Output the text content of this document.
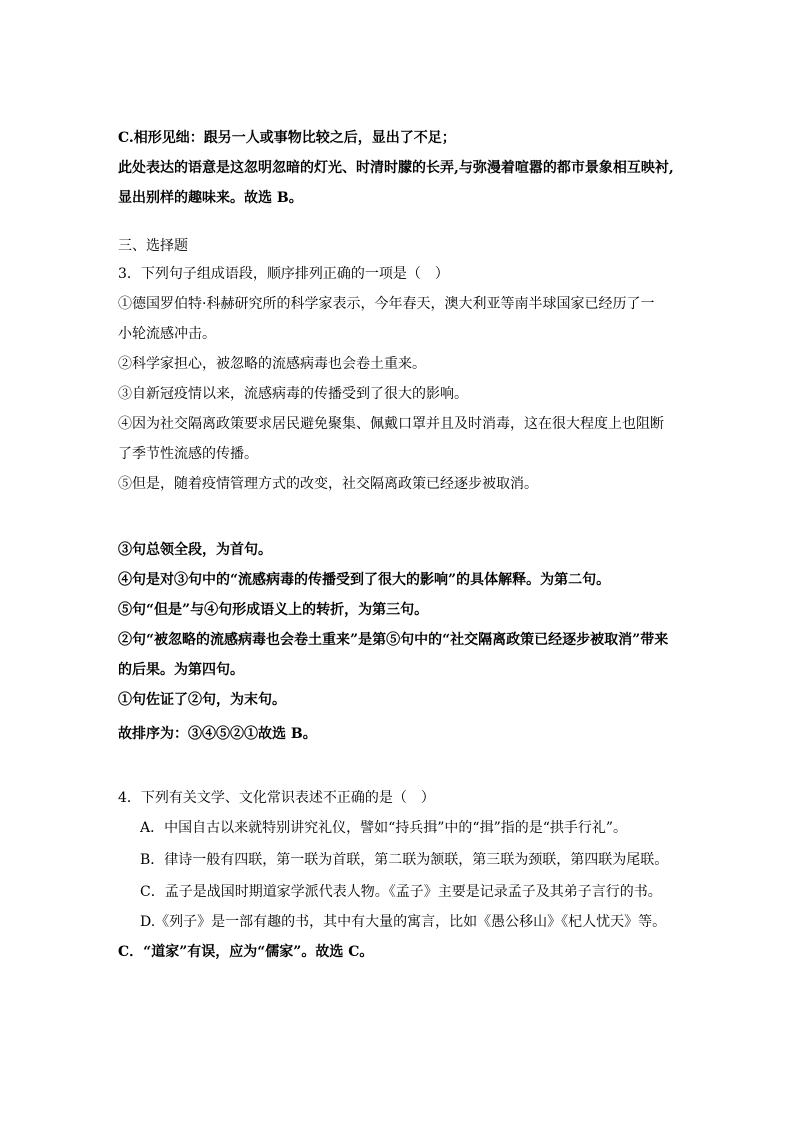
C.相形见绌：跟另一人或事物比较之后，显出了不足；
此处表达的语意是这忽明忽暗的灯光、时清时朦的长弄,与弥漫着喧嚣的都市景象相互映衬,
显出别样的趣味来。故选 B。
三、选择题
3．下列句子组成语段，顺序排列正确的一项是（　）
①德国罗伯特·科赫研究所的科学家表示，今年春天，澳大利亚等南半球国家已经历了一
小轮流感冲击。
②科学家担心，被忽略的流感病毒也会卷土重来。
③自新冠疫情以来，流感病毒的传播受到了很大的影响。
④因为社交隔离政策要求居民避免聚集、佩戴口罩并且及时消毒，这在很大程度上也阻断
了季节性流感的传播。
⑤但是，随着疫情管理方式的改变，社交隔离政策已经逐步被取消。
③句总领全段，为首句。
④句是对③句中的“流感病毒的传播受到了很大的影响”的具体解释。为第二句。
⑤句“但是”与④句形成语义上的转折，为第三句。
②句“被忽略的流感病毒也会卷土重来”是第⑤句中的“社交隔离政策已经逐步被取消”带来
的后果。为第四句。
①句佐证了②句，为末句。
故排序为：③④⑤②①故选 B。
4．下列有关文学、文化常识表述不正确的是（　）
A．中国自古以来就特别讲究礼仪，譬如“持兵揖”中的“揖”指的是“拱手行礼”。
B．律诗一般有四联，第一联为首联，第二联为颔联，第三联为颈联，第四联为尾联。
C．孟子是战国时期道家学派代表人物。《孟子》主要是记录孟子及其弟子言行的书。
D.《列子》是一部有趣的书，其中有大量的寓言，比如《愚公移山》《杞人忧天》等。
C．“道家”有误，应为“儒家”。故选 C。
